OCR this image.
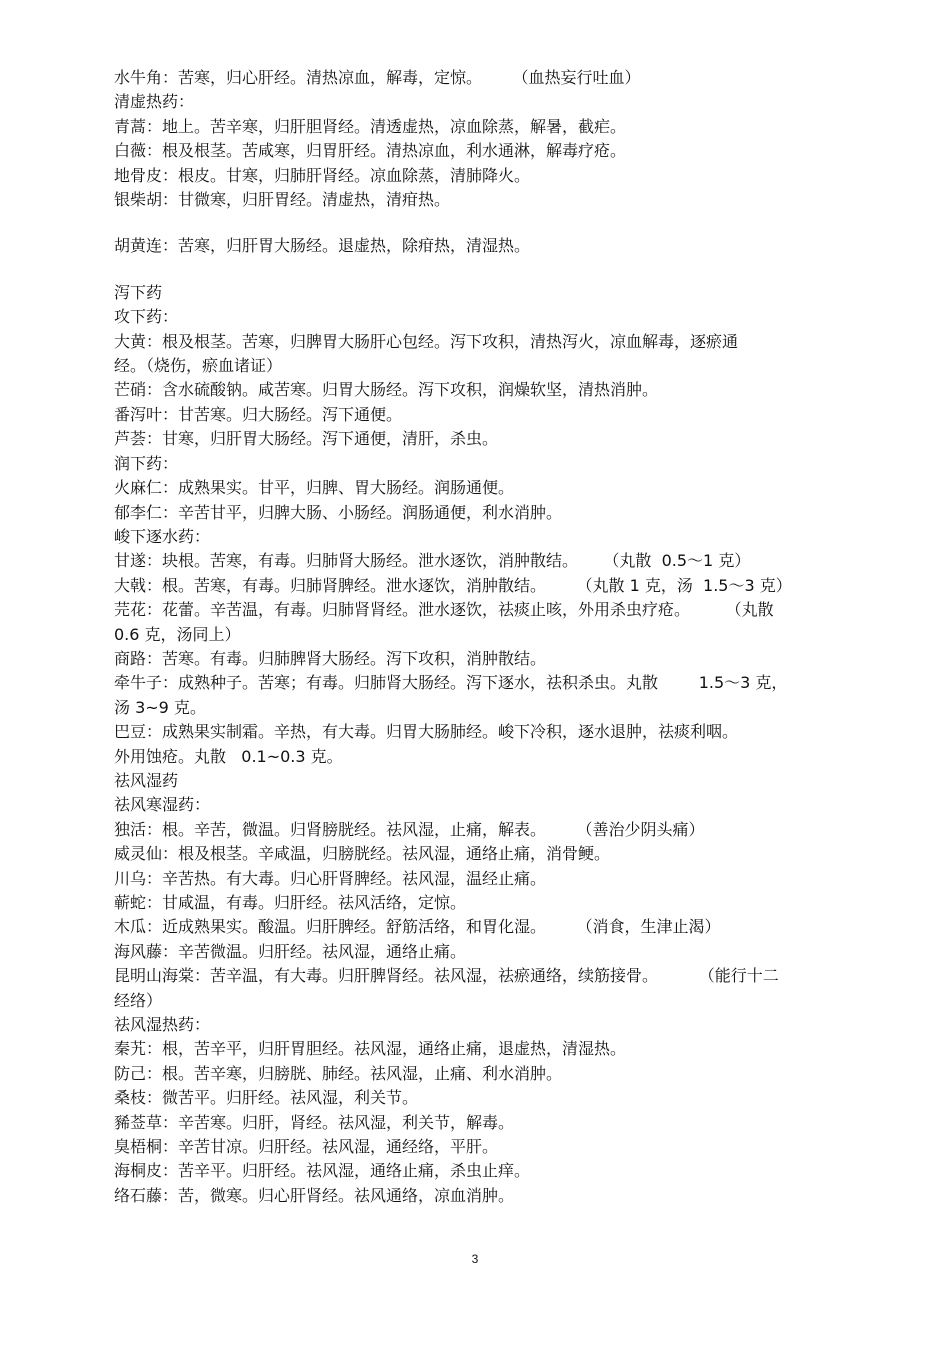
水牛角：苦寒，归心肝经。清热凉血，解毒，定惊。      （血热妄行吐血）

清虚热药：

青蒿：地上。苦辛寒，归肝胆肾经。清透虚热，凉血除蒸，解暑，截疟。

白薇：根及根茎。苦咸寒，归胃肝经。清热凉血，利水通淋，解毒疗疮。

地骨皮：根皮。甘寒，归肺肝肾经。凉血除蒸，清肺降火。

银柴胡：甘微寒，归肝胃经。清虚热，清疳热。

胡黄连：苦寒，归肝胃大肠经。退虚热，除疳热，清湿热。

泻下药

攻下药：

大黄：根及根茎。苦寒，归脾胃大肠肝心包经。泻下攻积，清热泻火，凉血解毒，逐瘀通

经。（烧伤，瘀血诸证）

芒硝：含水硫酸钠。咸苦寒。归胃大肠经。泻下攻积，润燥软坚，清热消肿。

番泻叶：甘苦寒。归大肠经。泻下通便。

芦荟：甘寒，归肝胃大肠经。泻下通便，清肝，杀虫。

润下药：

火麻仁：成熟果实。甘平，归脾、胃大肠经。润肠通便。

郁李仁：辛苦甘平，归脾大肠、小肠经。润肠通便，利水消肿。

峻下逐水药：

甘遂：块根。苦寒，有毒。归肺肾大肠经。泄水逐饮，消肿散结。     （丸散  0.5～1 克）

大戟：根。苦寒，有毒。归肺肾脾经。泄水逐饮，消肿散结。      （丸散 1 克，汤  1.5～3 克）

芫花：花蕾。辛苦温，有毒。归肺肾肾经。泄水逐饮，祛痰止咳，外用杀虫疗疮。       （丸散

0.6 克，汤同上）

商路：苦寒。有毒。归肺脾肾大肠经。泻下攻积，消肿散结。

牵牛子：成熟种子。苦寒；有毒。归肺肾大肠经。泻下逐水，祛积杀虫。丸散        1.5～3 克，

汤 3~9 克。

巴豆：成熟果实制霜。辛热，有大毒。归胃大肠肺经。峻下冷积，逐水退肿，祛痰利咽。

外用蚀疮。丸散   0.1~0.3 克。

祛风湿药

祛风寒湿药：

独活：根。辛苦，微温。归肾膀胱经。祛风湿，止痛，解表。      （善治少阴头痛）

威灵仙：根及根茎。辛咸温，归膀胱经。祛风湿，通络止痛，消骨鲠。

川乌：辛苦热。有大毒。归心肝肾脾经。祛风湿，温经止痛。

蕲蛇：甘咸温，有毒。归肝经。祛风活络，定惊。

木瓜：近成熟果实。酸温。归肝脾经。舒筋活络，和胃化湿。      （消食，生津止渴）

海风藤：辛苦微温。归肝经。祛风湿，通络止痛。

昆明山海棠：苦辛温，有大毒。归肝脾肾经。祛风湿，祛瘀通络，续筋接骨。        （能行十二

经络）

祛风湿热药：

秦艽：根，苦辛平，归肝胃胆经。祛风湿，通络止痛，退虚热，清湿热。

防己：根。苦辛寒，归膀胱、肺经。祛风湿，止痛、利水消肿。

桑枝：微苦平。归肝经。祛风湿，利关节。

豨莶草：辛苦寒。归肝，肾经。祛风湿，利关节，解毒。

臭梧桐：辛苦甘凉。归肝经。祛风湿，通经络，平肝。

海桐皮：苦辛平。归肝经。祛风湿，通络止痛，杀虫止痒。

络石藤：苦，微寒。归心肝肾经。祛风通络，凉血消肿。

3
